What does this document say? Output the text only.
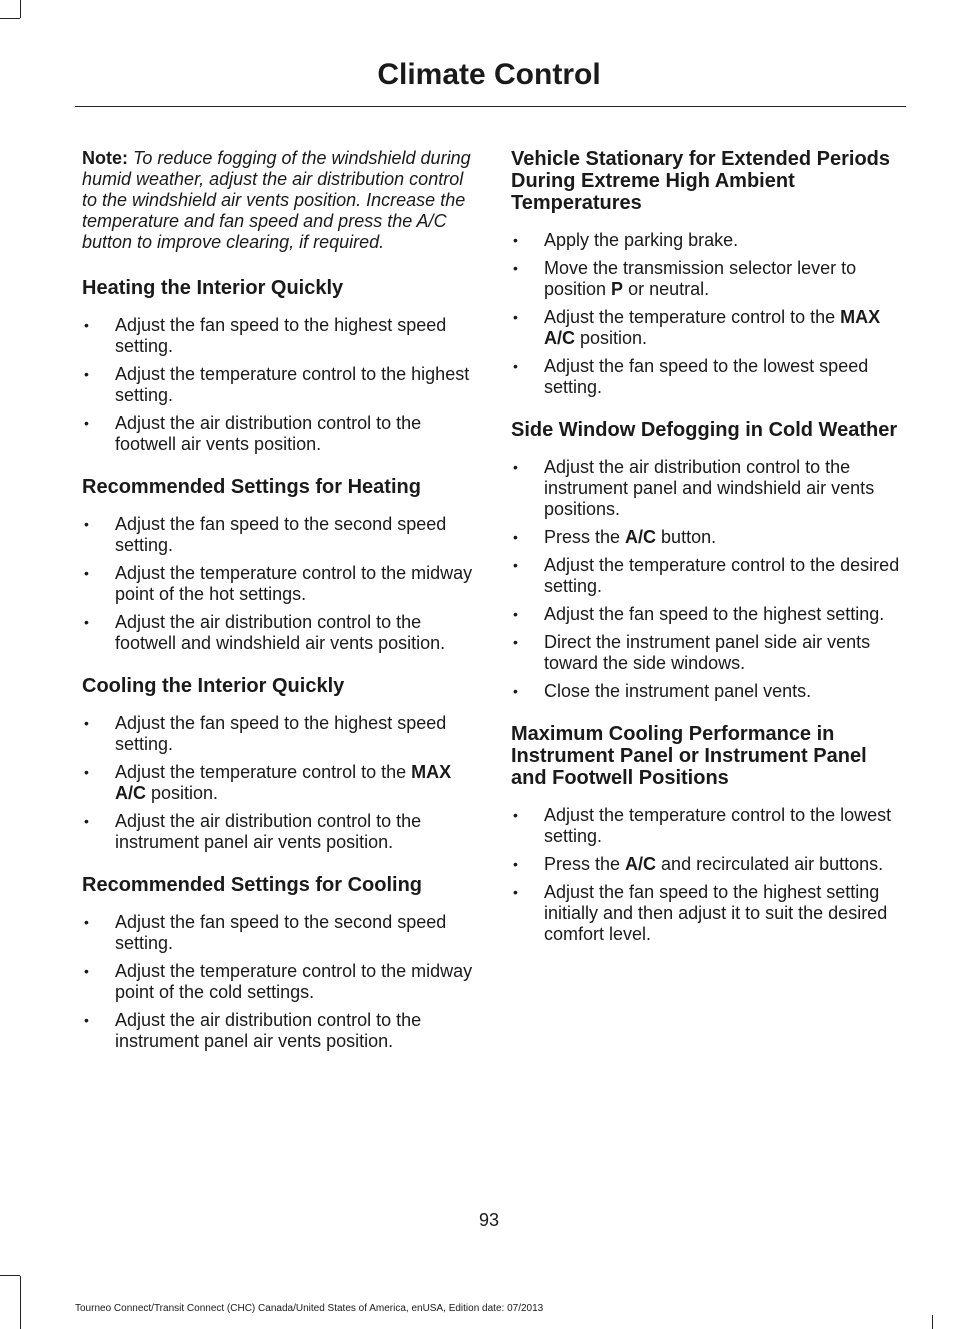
Climate Control

Note: To reduce fogging of the windshield during humid weather, adjust the air distribution control to the windshield air vents position. Increase the temperature and fan speed and press the A/C button to improve clearing, if required.

Heating the Interior Quickly
• Adjust the fan speed to the highest speed setting.
• Adjust the temperature control to the highest setting.
• Adjust the air distribution control to the footwell air vents position.
Recommended Settings for Heating
• Adjust the fan speed to the second speed setting.
• Adjust the temperature control to the midway point of the hot settings.
• Adjust the air distribution control to the footwell and windshield air vents position.
Cooling the Interior Quickly
• Adjust the fan speed to the highest speed setting.
• Adjust the temperature control to the MAX A/C position.
• Adjust the air distribution control to the instrument panel air vents position.
Recommended Settings for Cooling
• Adjust the fan speed to the second speed setting.
• Adjust the temperature control to the midway point of the cold settings.
• Adjust the air distribution control to the instrument panel air vents position.
Vehicle Stationary for Extended Periods During Extreme High Ambient Temperatures
• Apply the parking brake.
• Move the transmission selector lever to position P or neutral.
• Adjust the temperature control to the MAX A/C position.
• Adjust the fan speed to the lowest speed setting.
Side Window Defogging in Cold Weather
• Adjust the air distribution control to the instrument panel and windshield air vents positions.
• Press the A/C button.
• Adjust the temperature control to the desired setting.
• Adjust the fan speed to the highest setting.
• Direct the instrument panel side air vents toward the side windows.
• Close the instrument panel vents.
Maximum Cooling Performance in Instrument Panel or Instrument Panel and Footwell Positions
• Adjust the temperature control to the lowest setting.
• Press the A/C and recirculated air buttons.
• Adjust the fan speed to the highest setting initially and then adjust it to suit the desired comfort level.
93
Tourneo Connect/Transit Connect (CHC) Canada/United States of America, enUSA, Edition date: 07/2013
